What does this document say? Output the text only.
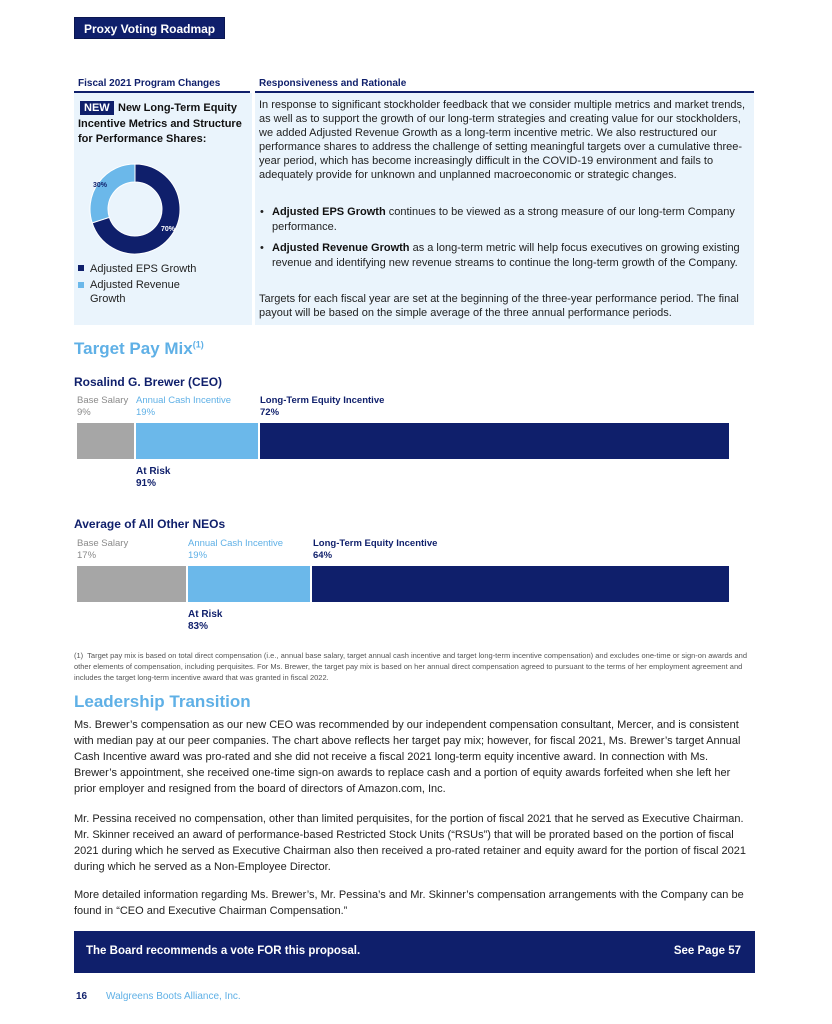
Proxy Voting Roadmap
Fiscal 2021 Program Changes	Responsiveness and Rationale
New Long-Term Equity Incentive Metrics and Structure for Performance Shares:
NEW
70%
30%
Adjusted EPS Growth
Adjusted Revenue Growth
In response to significant stockholder feedback that we consider multiple metrics and market trends, as well as to support the growth of our long-term strategies and creating value for our stockholders, we added Adjusted Revenue Growth as a long-term incentive metric. We also restructured our performance shares to address the challenge of setting meaningful targets over a cumulative three-year period, which has become increasingly difficult in the COVID-19 environment and fails to adequately provide for unknown and unplanned macroeconomic or strategic changes.
• Adjusted EPS Growth continues to be viewed as a strong measure of our long-term Company performance.
• Adjusted Revenue Growth as a long-term metric will help focus executives on growing existing revenue and identifying new revenue streams to continue the long-term growth of the Company.
Targets for each fiscal year are set at the beginning of the three-year performance period. The final payout will be based on the simple average of the three annual performance periods.
Target Pay Mix$^{(1)}$
Rosalind G. Brewer (CEO)
Base Salary
9%
Annual Cash Incentive
19%
Long-Term Equity Incentive
72%
At Risk
91%
Average of All Other NEOs
Base Salary
17%
Annual Cash Incentive
19%
Long-Term Equity Incentive
64%
At Risk
83%
(1) Target pay mix is based on total direct compensation (i.e., annual base salary, target annual cash incentive and target long-term incentive compensation) and excludes one-time or sign-on awards and other elements of compensation, including perquisites. For Ms. Brewer, the target pay mix is based on her annual direct compensation agreed to pursuant to the terms of her employment agreement and includes the target long-term incentive award that was granted in fiscal 2022.
Leadership Transition
Ms. Brewer’s compensation as our new CEO was recommended by our independent compensation consultant, Mercer, and is consistent with median pay at our peer companies. The chart above reflects her target pay mix; however, for fiscal 2021, Ms. Brewer’s target Annual Cash Incentive award was pro-rated and she did not receive a fiscal 2021 long-term equity incentive award. In connection with Ms. Brewer’s appointment, she received one-time sign-on awards to replace cash and a portion of equity awards forfeited when she left her prior employer and resigned from the board of directors of Amazon.com, Inc.
Mr. Pessina received no compensation, other than limited perquisites, for the portion of fiscal 2021 that he served as Executive Chairman. Mr. Skinner received an award of performance-based Restricted Stock Units (“RSUs”) that will be prorated based on the portion of fiscal 2021 during which he served as Executive Chairman also then received a pro-rated retainer and equity award for the portion of fiscal 2021 during which he served as a Non-Employee Director.
More detailed information regarding Ms. Brewer’s, Mr. Pessina’s and Mr. Skinner’s compensation arrangements with the Company can be found in “CEO and Executive Chairman Compensation.”
The Board recommends a vote FOR this proposal.	See Page 57
16 Walgreens Boots Alliance, Inc.
